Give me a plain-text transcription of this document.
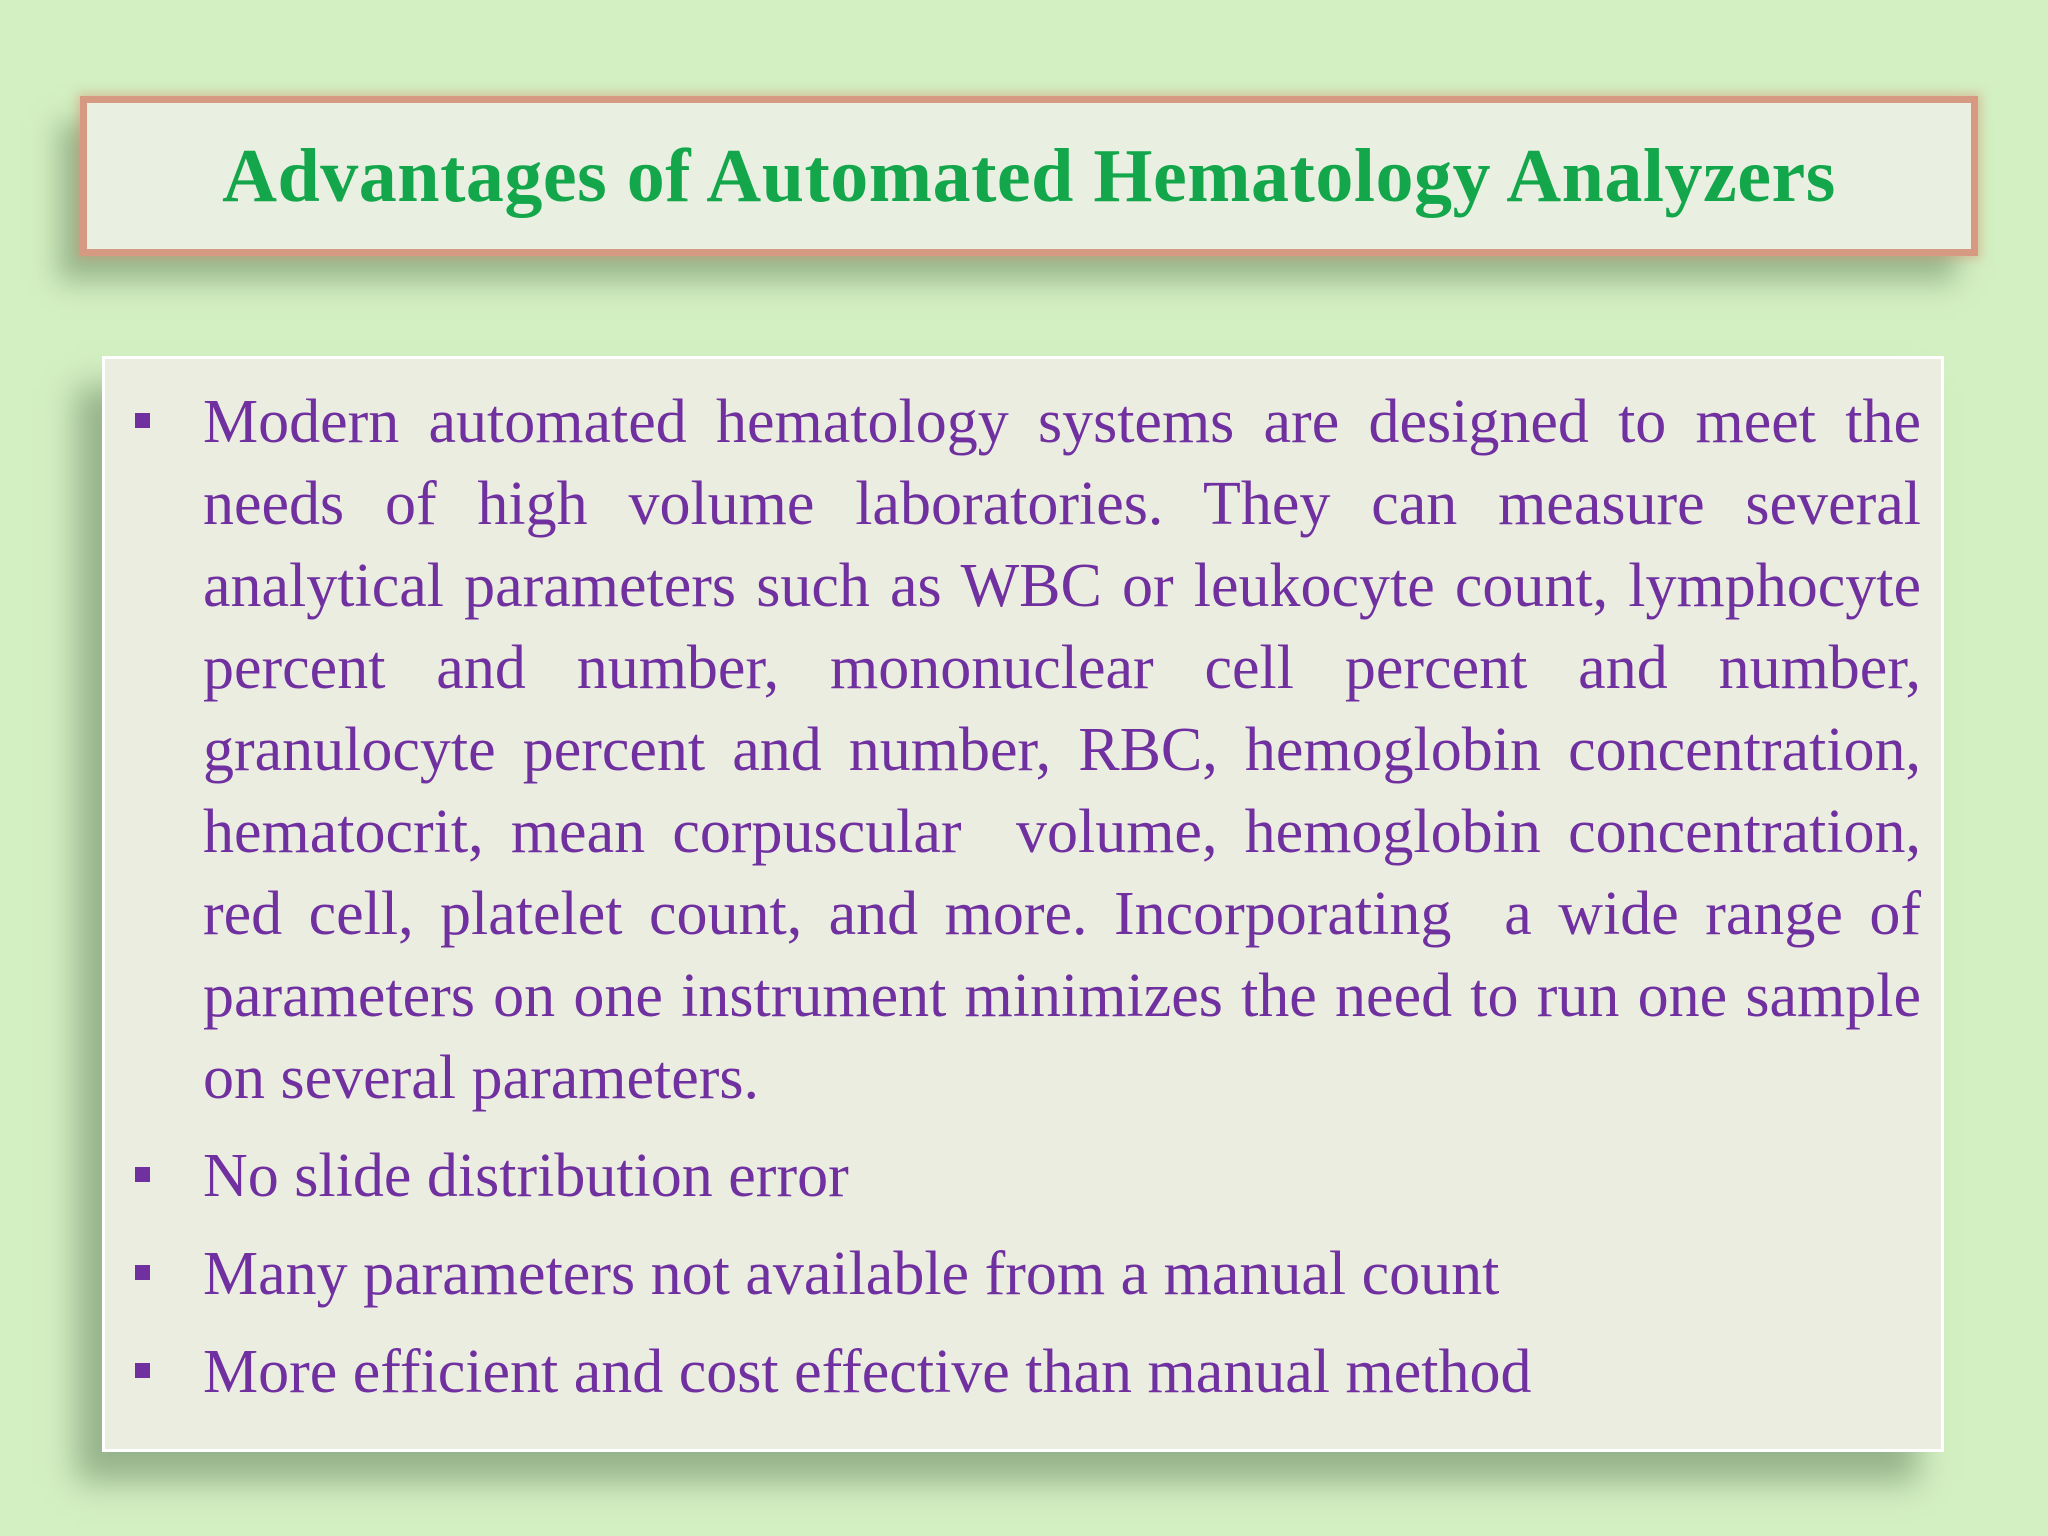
Advantages of Automated Hematology Analyzers
Modern automated hematology systems are designed to meet the needs of high volume laboratories. They can measure several analytical parameters such as WBC or leukocyte count, lymphocyte percent and number, mononuclear cell percent and number, granulocyte percent and number, RBC, hemoglobin concentration, hematocrit, mean corpuscular  volume, hemoglobin concentration, red cell, platelet count, and more. Incorporating  a wide range of parameters on one instrument minimizes the need to run one sample on several parameters.
No slide distribution error
Many parameters not available from a manual count
More efficient and cost effective than manual method
